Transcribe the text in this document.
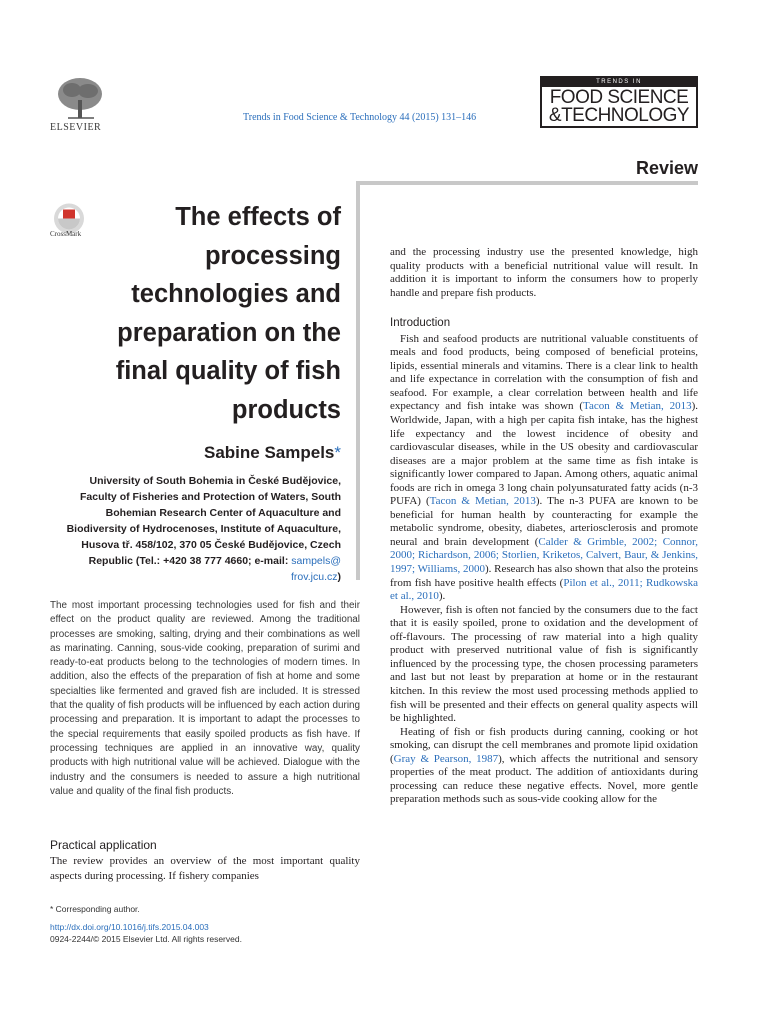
ELSEVIER
Trends in Food Science & Technology 44 (2015) 131–146
TRENDS IN
FOOD SCIENCE
&TECHNOLOGY
Review
CrossMark
The effects of
processing
technologies and
preparation on the
final quality of fish
products
Sabine Sampels*
University of South Bohemia in České Budějovice,
Faculty of Fisheries and Protection of Waters, South
Bohemian Research Center of Aquaculture and
Biodiversity of Hydrocenoses, Institute of Aquaculture,
Husova tř. 458/102, 370 05 České Budějovice, Czech
Republic (Tel.: +420 38 777 4660; e-mail: sampels@
frov.jcu.cz)
The most important processing technologies used for fish and their effect on the product quality are reviewed. Among the traditional processes are smoking, salting, drying and their combinations as well as marinating. Canning, sous-vide cooking, preparation of surimi and ready-to-eat products belong to the technologies of modern times. In addition, also the effects of the preparation of fish at home and some specialties like fermented and graved fish are included. It is stressed that the quality of fish products will be influenced by each action during processing and preparation. It is important to adapt the processes to the special requirements that easily spoiled products as fish have. If processing techniques are applied in an innovative way, quality products with high nutritional value will be achieved. Dialogue with the industry and the consumers is needed to assure a high nutritional value and quality of the final fish products.
Practical application
The review provides an overview of the most important quality aspects during processing. If fishery companies
* Corresponding author.
http://dx.doi.org/10.1016/j.tifs.2015.04.003
0924-2244/© 2015 Elsevier Ltd. All rights reserved.

and the processing industry use the presented knowledge, high quality products with a beneficial nutritional value will result. In addition it is important to inform the consumers how to properly handle and prepare fish products.

Introduction

Fish and seafood products are nutritional valuable constituents of meals and food products, being composed of beneficial proteins, lipids, essential minerals and vitamins. There is a clear link to health and life expectance in correlation with the consumption of fish and seafood. For example, a clear correlation between health and life expectancy and fish intake was shown (Tacon & Metian, 2013). Worldwide, Japan, with a high per capita fish intake, has the highest life expectancy and the lowest incidence of obesity and cardiovascular diseases, while in the US obesity and cardiovascular diseases are a major problem at the same time as fish intake is significantly lower compared to Japan. Among others, aquatic animal foods are rich in omega 3 long chain polyunsaturated fatty acids (n-3 PUFA) (Tacon & Metian, 2013). The n-3 PUFA are known to be beneficial for human health by counteracting for example the metabolic syndrome, obesity, diabetes, arteriosclerosis and promote neural and brain development (Calder & Grimble, 2002; Connor, 2000; Richardson, 2006; Storlien, Kriketos, Calvert, Baur, & Jenkins, 1997; Williams, 2000). Research has also shown that also the proteins from fish have positive health effects (Pilon et al., 2011; Rudkowska et al., 2010).

However, fish is often not fancied by the consumers due to the fact that it is easily spoiled, prone to oxidation and the development of off-flavours. The processing of raw material into a high quality product with preserved nutritional value of fish is significantly influenced by the processing type, the chosen processing parameters and last but not least by preparation at home or in the restaurant kitchen. In this review the most used processing methods applied to fish will be presented and their effects on general quality aspects will be highlighted.

Heating of fish or fish products during canning, cooking or hot smoking, can disrupt the cell membranes and promote lipid oxidation (Gray & Pearson, 1987), which affects the nutritional and sensory properties of the meat product. The addition of antioxidants during processing can reduce these negative effects. Novel, more gentle preparation methods such as sous-vide cooking allow for the
